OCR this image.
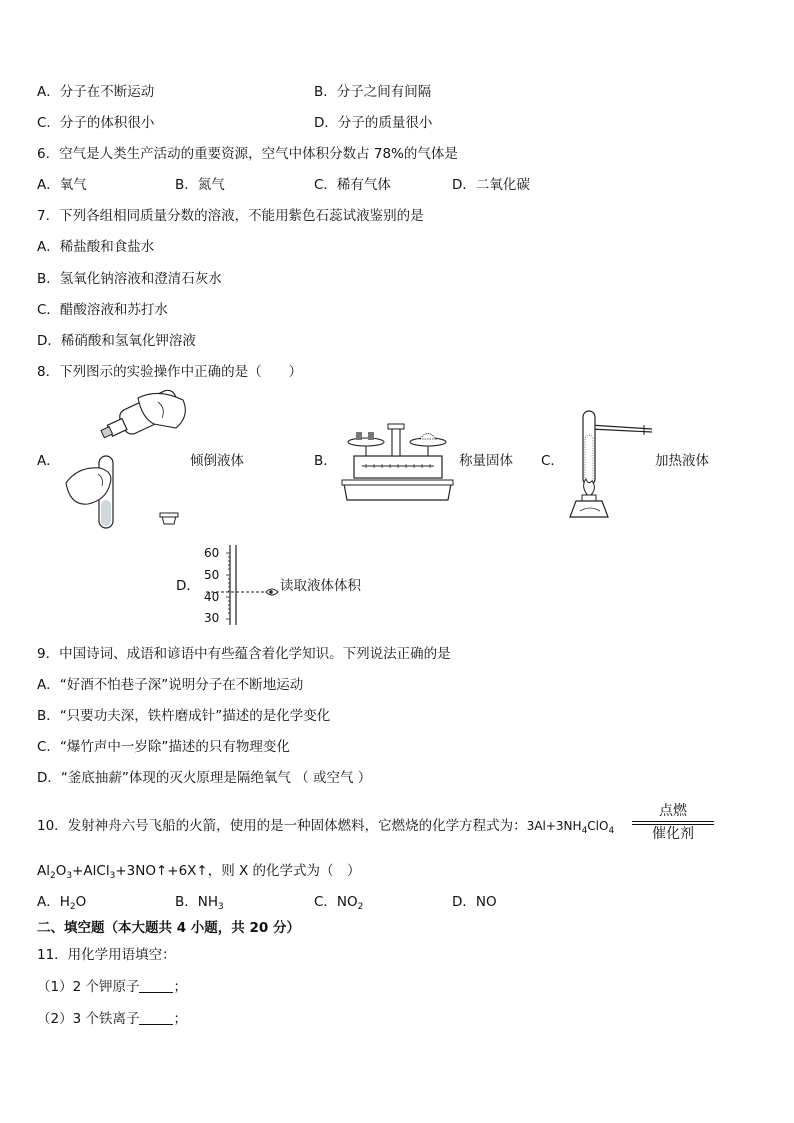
A．分子在不断运动	B．分子之间有间隔
C．分子的体积很小	D．分子的质量很小
6．空气是人类生产活动的重要资源，空气中体积分数占 78%的气体是
A．氧气	B．氮气	C．稀有气体	D．二氧化碳
7．下列各组相同质量分数的溶液，不能用紫色石蕊试液鉴别的是
A．稀盐酸和食盐水
B．氢氧化钠溶液和澄清石灰水
C．醋酸溶液和苏打水
D．稀硝酸和氢氧化钾溶液
8．下列图示的实验操作中正确的是（　　）
A．	倾倒液体	B．	称量固体 C．	加热液体
D．
60
50
40
30
读取液体体积
9．中国诗词、成语和谚语中有些蕴含着化学知识。下列说法正确的是
A．“好酒不怕巷子深”说明分子在不断地运动
B．“只要功夫深，铁杵磨成针”描述的是化学变化
C．“爆竹声中一岁除”描述的只有物理变化
D．“釜底抽薪”体现的灭火原理是隔绝氧气 （ 或空气 ）
10．发射神舟六号飞船的火箭，使用的是一种固体燃料，它燃烧的化学方程式为：$3Al+3NH_4ClO_4$
点燃
催化剂
$Al_2O_3+AlCl_3+3NO↑+6X↑$，则 X 的化学式为（　）
A．$H_2O$	B．$NH_3$	C．$NO_2$	D．NO
二、填空题（本大题共 4 小题，共 20 分）
11．用化学用语填空：
（1）2 个钾原子	；
（2）3 个铁离子	；
